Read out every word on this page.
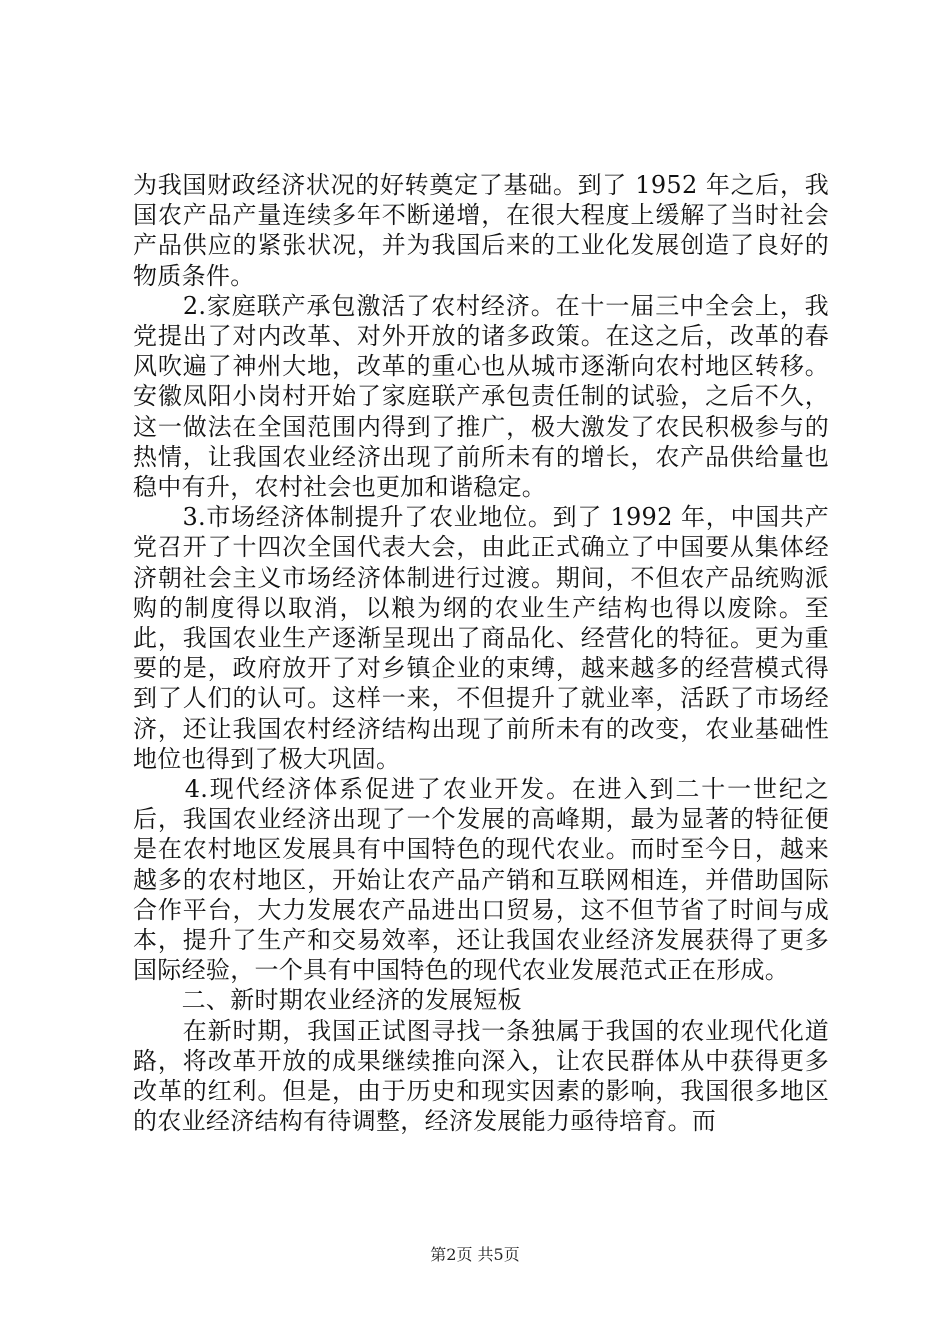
为我国财政经济状况的好转奠定了基础。到了 1952 年之后，我国农产品产量连续多年不断递增，在很大程度上缓解了当时社会产品供应的紧张状况，并为我国后来的工业化发展创造了良好的物质条件。

　　2.家庭联产承包激活了农村经济。在十一届三中全会上，我党提出了对内改革、对外开放的诸多政策。在这之后，改革的春风吹遍了神州大地，改革的重心也从城市逐渐向农村地区转移。安徽凤阳小岗村开始了家庭联产承包责任制的试验，之后不久，这一做法在全国范围内得到了推广，极大激发了农民积极参与的热情，让我国农业经济出现了前所未有的增长，农产品供给量也稳中有升，农村社会也更加和谐稳定。

　　3.市场经济体制提升了农业地位。到了 1992 年，中国共产党召开了十四次全国代表大会，由此正式确立了中国要从集体经济朝社会主义市场经济体制进行过渡。期间，不但农产品统购派购的制度得以取消，以粮为纲的农业生产结构也得以废除。至此，我国农业生产逐渐呈现出了商品化、经营化的特征。更为重要的是，政府放开了对乡镇企业的束缚，越来越多的经营模式得到了人们的认可。这样一来，不但提升了就业率，活跃了市场经济，还让我国农村经济结构出现了前所未有的改变，农业基础性地位也得到了极大巩固。

　　4.现代经济体系促进了农业开发。在进入到二十一世纪之后，我国农业经济出现了一个发展的高峰期，最为显著的特征便是在农村地区发展具有中国特色的现代农业。而时至今日，越来越多的农村地区，开始让农产品产销和互联网相连，并借助国际合作平台，大力发展农产品进出口贸易，这不但节省了时间与成本，提升了生产和交易效率，还让我国农业经济发展获得了更多国际经验，一个具有中国特色的现代农业发展范式正在形成。

　　二、新时期农业经济的发展短板

　　在新时期，我国正试图寻找一条独属于我国的农业现代化道路，将改革开放的成果继续推向深入，让农民群体从中获得更多改革的红利。但是，由于历史和现实因素的影响，我国很多地区的农业经济结构有待调整，经济发展能力亟待培育。而

第2页 共5页
